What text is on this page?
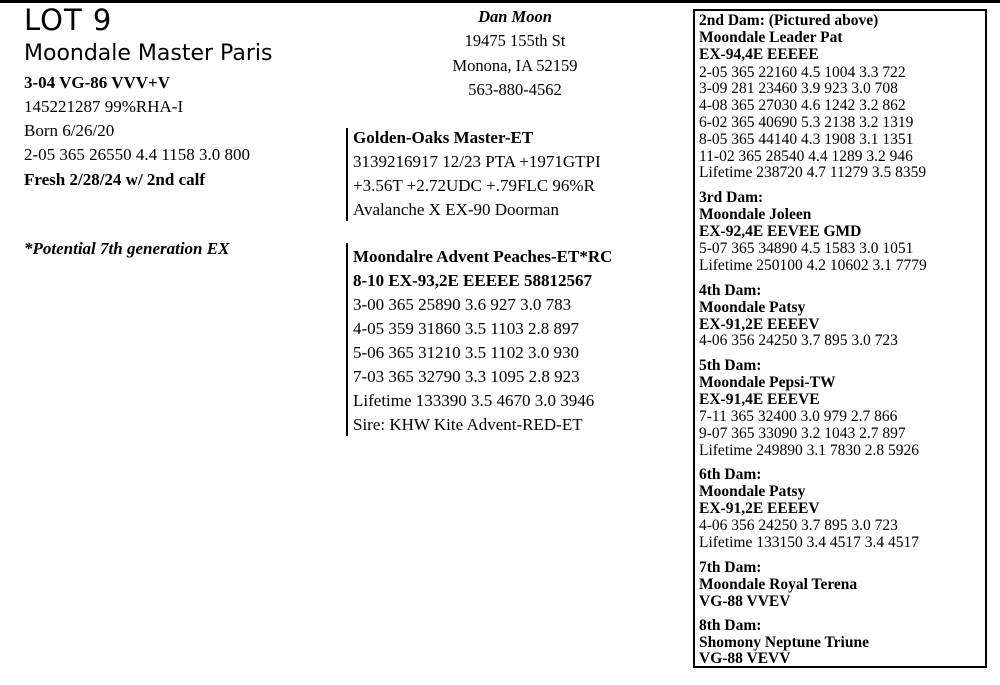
LOT 9
Moondale Master Paris
3-04 VG-86 VVV+V
145221287 99%RHA-I
Born 6/26/20
2-05 365 26550 4.4 1158 3.0 800
Fresh 2/28/24 w/ 2nd calf
*Potential 7th generation EX
Dan Moon
19475 155th St
Monona, IA 52159
563-880-4562
Golden-Oaks Master-ET
3139216917 12/23 PTA +1971GTPI
+3.56T +2.72UDC +.79FLC 96%R
Avalanche X EX-90 Doorman
Moondalre Advent Peaches-ET*RC
8-10 EX-93,2E EEEEE 58812567
3-00 365 25890 3.6 927 3.0 783
4-05 359 31860 3.5 1103 2.8 897
5-06 365 31210 3.5 1102 3.0 930
7-03 365 32790 3.3 1095 2.8 923
Lifetime 133390 3.5 4670 3.0 3946
Sire: KHW Kite Advent-RED-ET
2nd Dam: (Pictured above)
Moondale Leader Pat
EX-94,4E EEEEE
2-05 365 22160 4.5 1004 3.3 722
3-09 281 23460 3.9 923 3.0 708
4-08 365 27030 4.6 1242 3.2 862
6-02 365 40690 5.3 2138 3.2 1319
8-05 365 44140 4.3 1908 3.1 1351
11-02 365 28540 4.4 1289 3.2 946
Lifetime 238720 4.7 11279 3.5 8359
3rd Dam:
Moondale Joleen
EX-92,4E EEVEE GMD
5-07 365 34890 4.5 1583 3.0 1051
Lifetime 250100 4.2 10602 3.1 7779
4th Dam:
Moondale Patsy
EX-91,2E EEEEV
4-06 356 24250 3.7 895 3.0 723
5th Dam:
Moondale Pepsi-TW
EX-91,4E EEEVE
7-11 365 32400 3.0 979 2.7 866
9-07 365 33090 3.2 1043 2.7 897
Lifetime 249890 3.1 7830 2.8 5926
6th Dam:
Moondale Patsy
EX-91,2E EEEEV
4-06 356 24250 3.7 895 3.0 723
Lifetime 133150 3.4 4517 3.4 4517
7th Dam:
Moondale Royal Terena
VG-88 VVEV
8th Dam:
Shomony Neptune Triune
VG-88 VEVV
